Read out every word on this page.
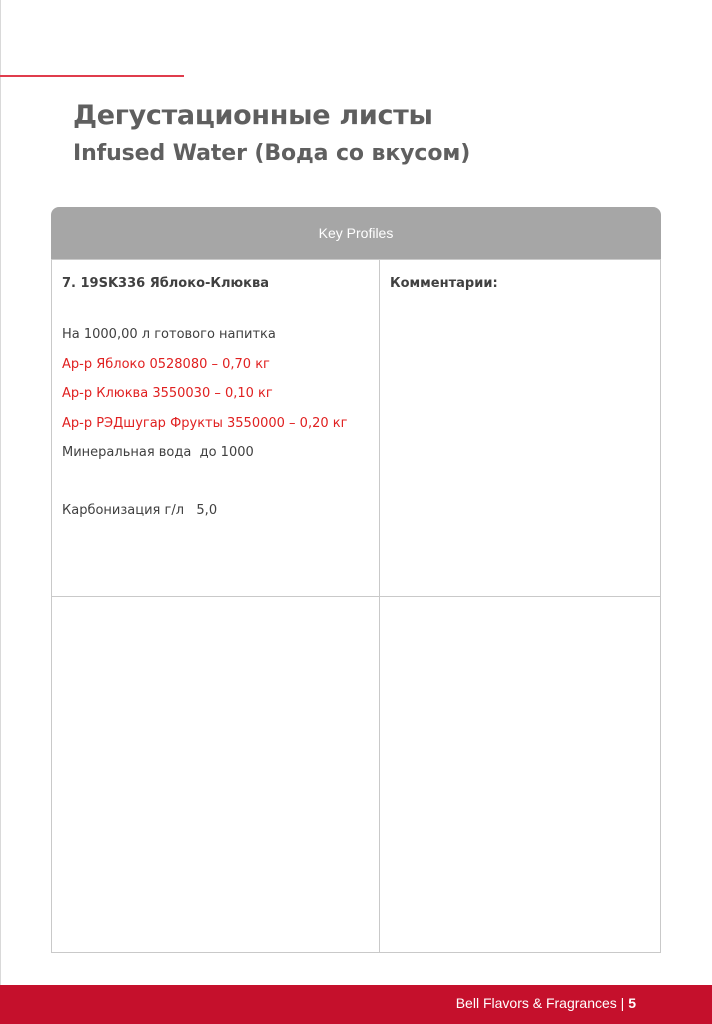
Дегустационные листы
Infused Water (Вода со вкусом)
Key Profiles

7. 19SK336 Яблоко-Клюква

На 1000,00 л готового напитка

Ар-р Яблоко 0528080 – 0,70 кг

Ар-р Клюква 3550030 – 0,10 кг

Ар-р РЭДшугар Фрукты 3550000 – 0,20 кг

Минеральная вода  до 1000

Карбонизация г/л   5,0

Комментарии:
Bell Flavors & Fragrances | 5
